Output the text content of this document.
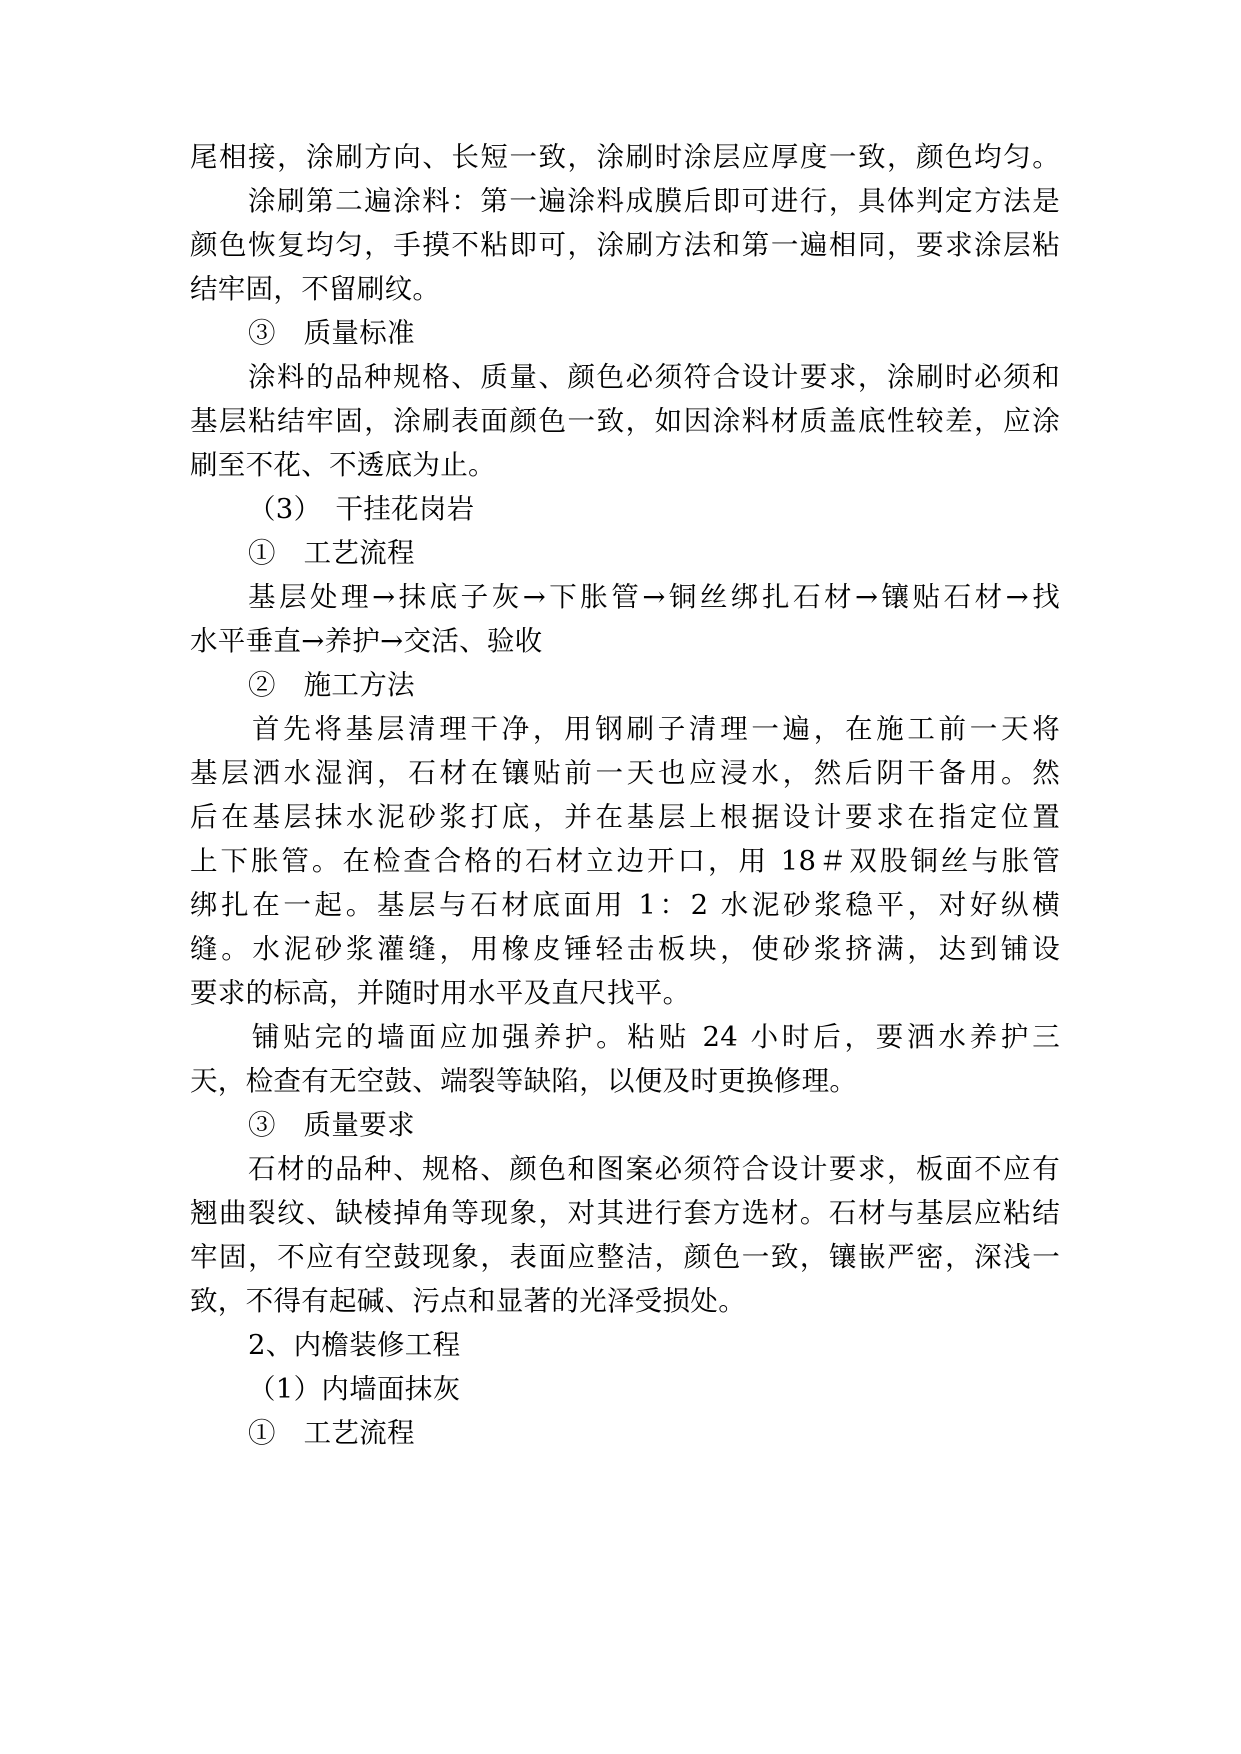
尾相接，涂刷方向、长短一致，涂刷时涂层应厚度一致，颜色均匀。
涂刷第二遍涂料：第一遍涂料成膜后即可进行，具体判定方法是
颜色恢复均匀，手摸不粘即可，涂刷方法和第一遍相同，要求涂层粘
结牢固，不留刷纹。
③　质量标准
涂料的品种规格、质量、颜色必须符合设计要求，涂刷时必须和
基层粘结牢固，涂刷表面颜色一致，如因涂料材质盖底性较差，应涂
刷至不花、不透底为止。
（3）　干挂花岗岩
①　工艺流程
基层处理→抹底子灰→下胀管→铜丝绑扎石材→镶贴石材→找
水平垂直→养护→交活、验收
②　施工方法
首先将基层清理干净，用钢刷子清理一遍，在施工前一天将
基层洒水湿润，石材在镶贴前一天也应浸水，然后阴干备用。然
后在基层抹水泥砂浆打底，并在基层上根据设计要求在指定位置
上下胀管。在检查合格的石材立边开口，用 18＃双股铜丝与胀管
绑扎在一起。基层与石材底面用 1：2 水泥砂浆稳平，对好纵横
缝。水泥砂浆灌缝，用橡皮锤轻击板块，使砂浆挤满，达到铺设
要求的标高，并随时用水平及直尺找平。
铺贴完的墙面应加强养护。粘贴 24 小时后，要洒水养护三
天，检查有无空鼓、端裂等缺陷，以便及时更换修理。
③　质量要求
石材的品种、规格、颜色和图案必须符合设计要求，板面不应有
翘曲裂纹、缺棱掉角等现象，对其进行套方选材。石材与基层应粘结
牢固，不应有空鼓现象，表面应整洁，颜色一致，镶嵌严密，深浅一
致，不得有起碱、污点和显著的光泽受损处。
2、内檐装修工程
（1）内墙面抹灰
①　工艺流程
